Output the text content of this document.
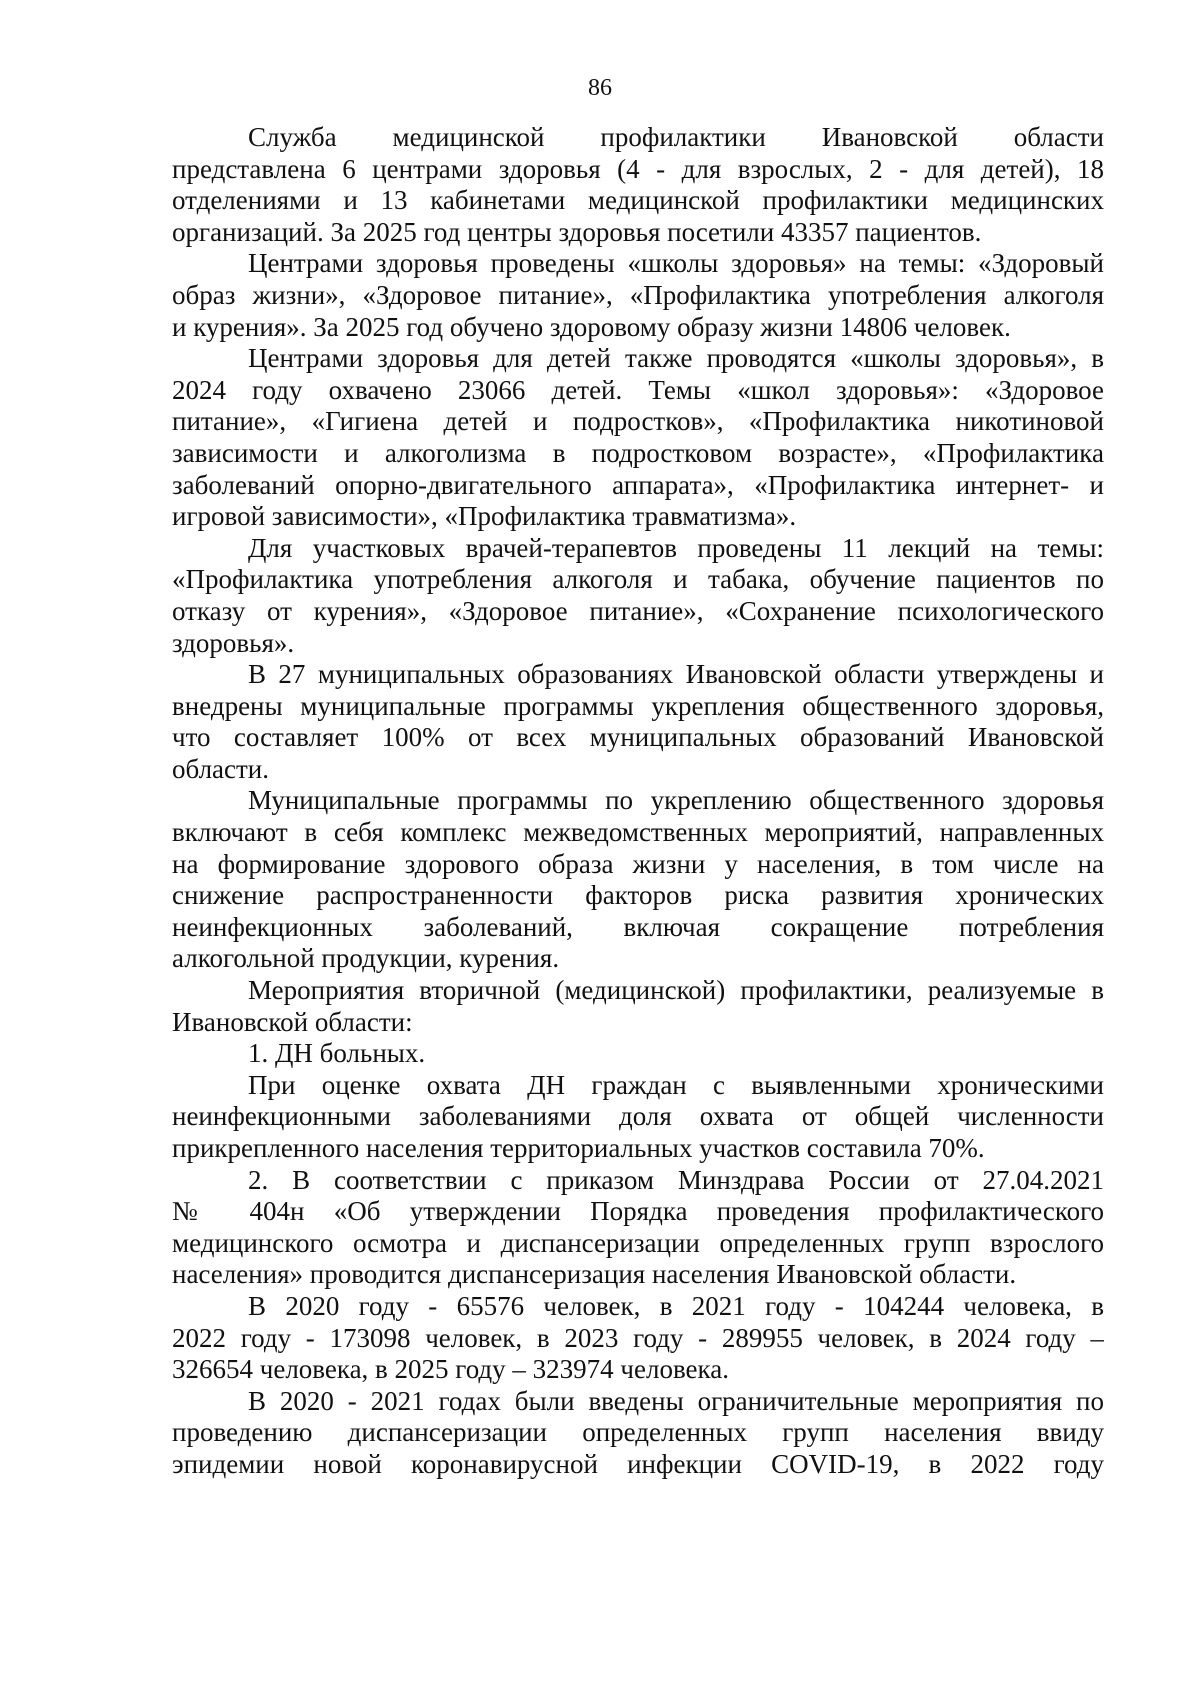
86
Служба медицинской профилактики Ивановской области
представлена 6 центрами здоровья (4 - для взрослых, 2 - для детей), 18
отделениями и 13 кабинетами медицинской профилактики медицинских
организаций. За 2025 год центры здоровья посетили 43357 пациентов.
Центрами здоровья проведены «школы здоровья» на темы: «Здоровый
образ жизни», «Здоровое питание», «Профилактика употребления алкоголя
и курения». За 2025 год обучено здоровому образу жизни 14806 человек.
Центрами здоровья для детей также проводятся «школы здоровья», в
2024 году охвачено 23066 детей. Темы «школ здоровья»: «Здоровое
питание», «Гигиена детей и подростков», «Профилактика никотиновой
зависимости и алкоголизма в подростковом возрасте», «Профилактика
заболеваний опорно-двигательного аппарата», «Профилактика интернет- и
игровой зависимости», «Профилактика травматизма».
Для участковых врачей-терапевтов проведены 11 лекций на темы:
«Профилактика употребления алкоголя и табака, обучение пациентов по
отказу от курения», «Здоровое питание», «Сохранение психологического
здоровья».
В 27 муниципальных образованиях Ивановской области утверждены и
внедрены муниципальные программы укрепления общественного здоровья,
что составляет 100% от всех муниципальных образований Ивановской
области.
Муниципальные программы по укреплению общественного здоровья
включают в себя комплекс межведомственных мероприятий, направленных
на формирование здорового образа жизни у населения, в том числе на
снижение распространенности факторов риска развития хронических
неинфекционных заболеваний, включая сокращение потребления
алкогольной продукции, курения.
Мероприятия вторичной (медицинской) профилактики, реализуемые в
Ивановской области:
1. ДН больных.
При оценке охвата ДН граждан с выявленными хроническими
неинфекционными заболеваниями доля охвата от общей численности
прикрепленного населения территориальных участков составила 70%.
2. В соответствии с приказом Минздрава России от 27.04.2021
№ 404н «Об утверждении Порядка проведения профилактического
медицинского осмотра и диспансеризации определенных групп взрослого
населения» проводится диспансеризация населения Ивановской области.
В 2020 году - 65576 человек, в 2021 году - 104244 человека, в
2022 году - 173098 человек, в 2023 году - 289955 человек, в 2024 году –
326654 человека, в 2025 году – 323974 человека.
В 2020 - 2021 годах были введены ограничительные мероприятия по
проведению диспансеризации определенных групп населения ввиду
эпидемии новой коронавирусной инфекции COVID-19, в 2022 году
